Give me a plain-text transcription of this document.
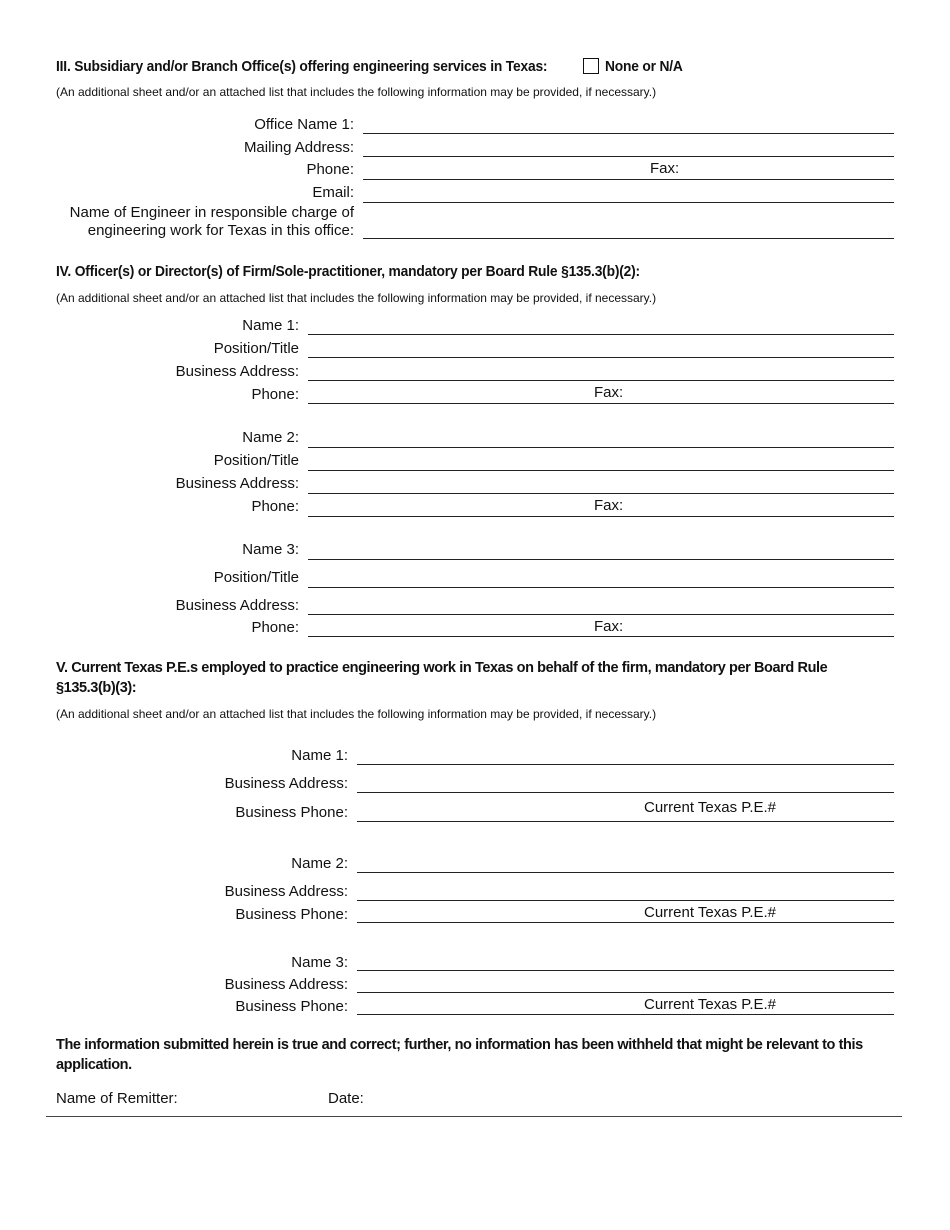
III. Subsidiary and/or Branch Office(s) offering engineering services in Texas:	None or N/A
(An additional sheet and/or an attached list that includes the following information may be provided, if necessary.)
Office Name 1:
Mailing Address:
Phone:	Fax:
Email:
Name of Engineer in responsible charge of
engineering work for Texas in this office:
IV. Officer(s) or Director(s) of Firm/Sole-practitioner, mandatory per Board Rule §135.3(b)(2):
(An additional sheet and/or an attached list that includes the following information may be provided, if necessary.)
Name 1:
Position/Title
Business Address:
Phone:	Fax:
Name 2:
Position/Title
Business Address:
Phone:	Fax:
Name 3:
Position/Title
Business Address:
Phone:	Fax:
V. Current Texas P.E.s employed to practice engineering work in Texas on behalf of the firm, mandatory per Board Rule §135.3(b)(3):
(An additional sheet and/or an attached list that includes the following information may be provided, if necessary.)
Name 1:
Business Address:
Business Phone:	Current Texas P.E.#
Name 2:
Business Address:
Business Phone:	Current Texas P.E.#
Name 3:
Business Address:
Business Phone:	Current Texas P.E.#
The information submitted herein is true and correct; further, no information has been withheld that might be relevant to this application.
Name of Remitter:	Date:
